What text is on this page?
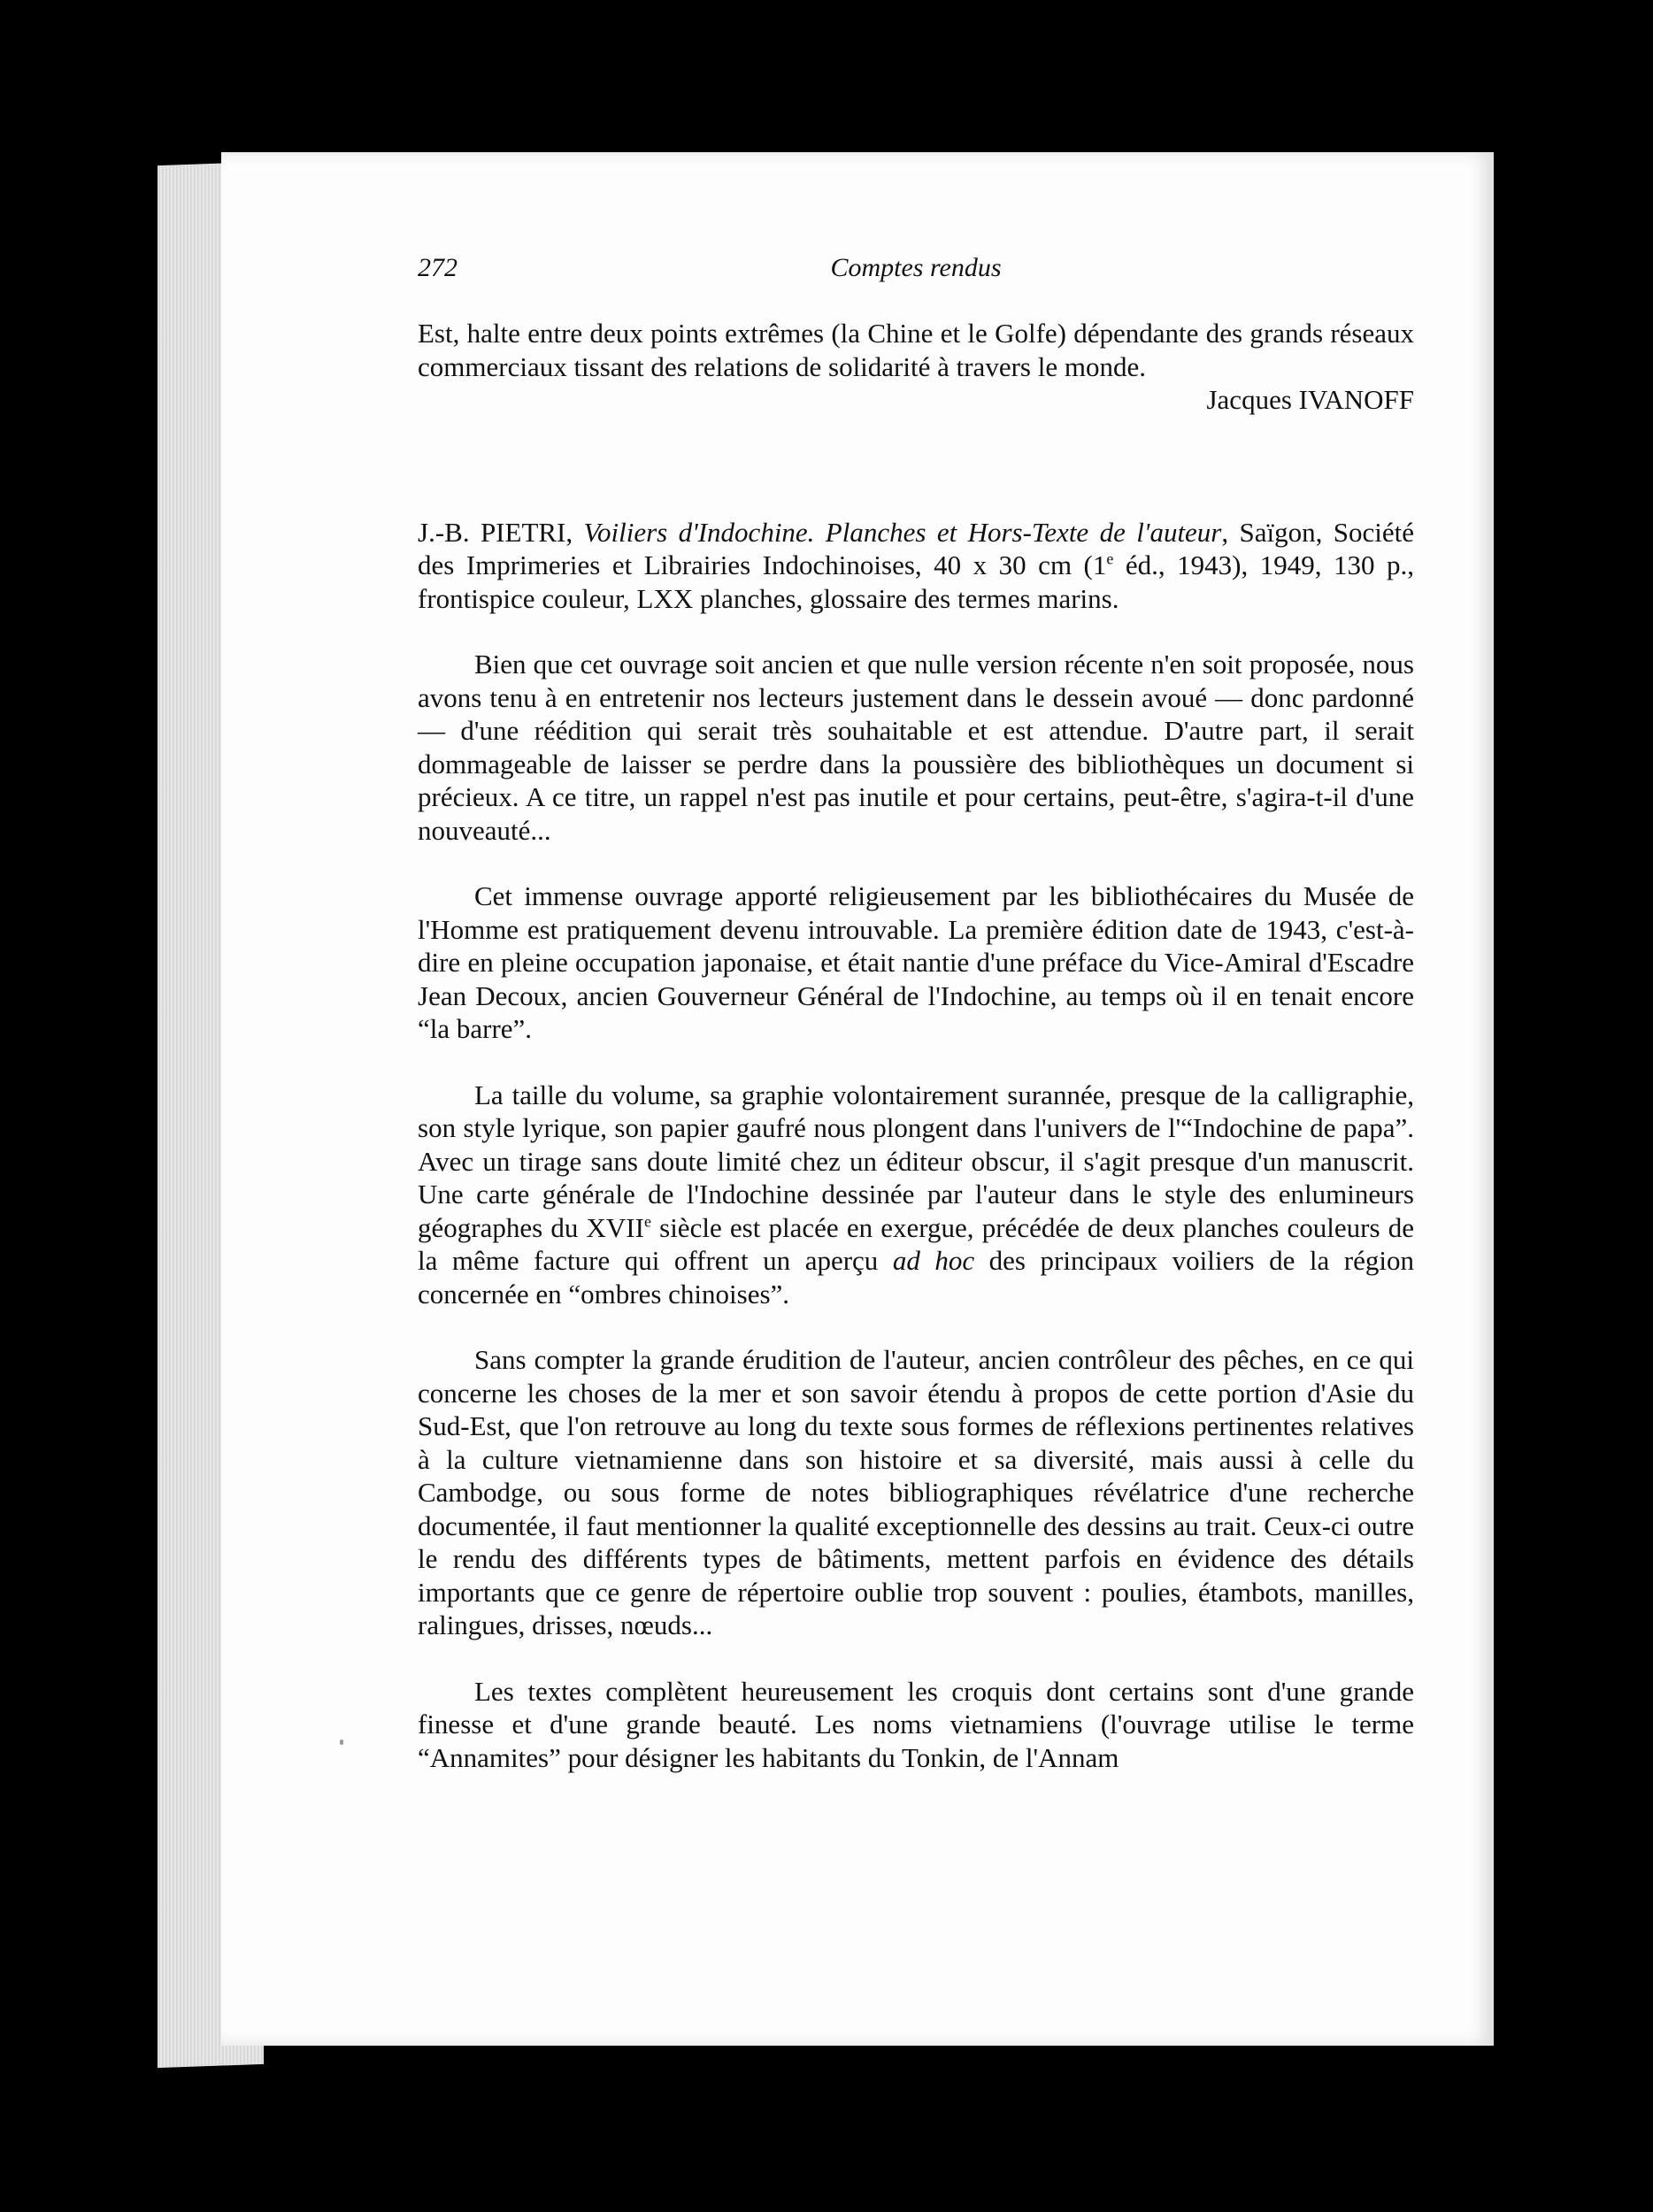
272	Comptes rendus

Est, halte entre deux points extrêmes (la Chine et le Golfe) dépendante des grands réseaux commerciaux tissant des relations de solidarité à travers le monde.

Jacques IVANOFF

J.-B. PIETRI, Voiliers d'Indochine. Planches et Hors-Texte de l'auteur, Saïgon, Société des Imprimeries et Librairies Indochinoises, 40 x 30 cm (1e éd., 1943), 1949, 130 p., frontispice couleur, LXX planches, glossaire des termes marins.

Bien que cet ouvrage soit ancien et que nulle version récente n'en soit proposée, nous avons tenu à en entretenir nos lecteurs justement dans le dessein avoué — donc pardonné — d'une réédition qui serait très souhaitable et est attendue. D'autre part, il serait dommageable de laisser se perdre dans la poussière des bibliothèques un document si précieux. A ce titre, un rappel n'est pas inutile et pour certains, peut-être, s'agira-t-il d'une nouveauté...

Cet immense ouvrage apporté religieusement par les bibliothécaires du Musée de l'Homme est pratiquement devenu introuvable. La première édition date de 1943, c'est-à-dire en pleine occupation japonaise, et était nantie d'une préface du Vice-Amiral d'Escadre Jean Decoux, ancien Gouverneur Général de l'Indochine, au temps où il en tenait encore “la barre”.

La taille du volume, sa graphie volontairement surannée, presque de la calligraphie, son style lyrique, son papier gaufré nous plongent dans l'univers de l'“Indochine de papa”. Avec un tirage sans doute limité chez un éditeur obscur, il s'agit presque d'un manuscrit. Une carte générale de l'Indochine dessinée par l'auteur dans le style des enlumineurs géographes du XVIIe siècle est placée en exergue, précédée de deux planches couleurs de la même facture qui offrent un aperçu ad hoc des principaux voiliers de la région concernée en “ombres chinoises”.

Sans compter la grande érudition de l'auteur, ancien contrôleur des pêches, en ce qui concerne les choses de la mer et son savoir étendu à propos de cette portion d'Asie du Sud-Est, que l'on retrouve au long du texte sous formes de réflexions pertinentes relatives à la culture vietnamienne dans son histoire et sa diversité, mais aussi à celle du Cambodge, ou sous forme de notes bibliographiques révélatrice d'une recherche documentée, il faut mentionner la qualité exceptionnelle des dessins au trait. Ceux-ci outre le rendu des différents types de bâtiments, mettent parfois en évidence des détails importants que ce genre de répertoire oublie trop souvent : poulies, étambots, manilles, ralingues, drisses, nœuds...

Les textes complètent heureusement les croquis dont certains sont d'une grande finesse et d'une grande beauté. Les noms vietnamiens (l'ouvrage utilise le terme “Annamites” pour désigner les habitants du Tonkin, de l'Annam
